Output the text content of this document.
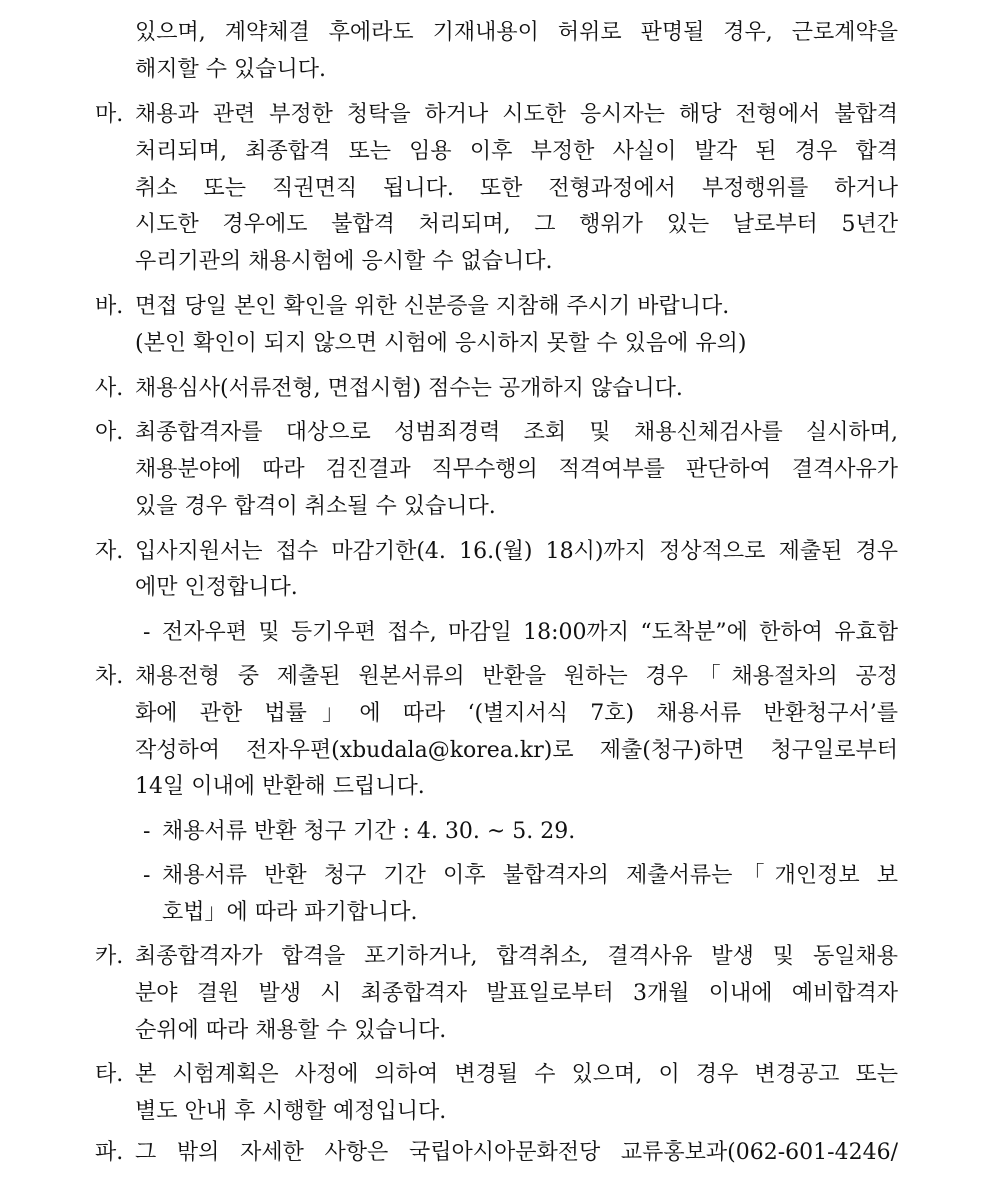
있으며, 계약체결 후에라도 기재내용이 허위로 판명될 경우, 근로계약을
해지할 수 있습니다.
마. 채용과 관련 부정한 청탁을 하거나 시도한 응시자는 해당 전형에서 불합격
처리되며, 최종합격 또는 임용 이후 부정한 사실이 발각 된 경우 합격
취소 또는 직권면직 됩니다. 또한 전형과정에서 부정행위를 하거나
시도한 경우에도 불합격 처리되며, 그 행위가 있는 날로부터 5년간
우리기관의 채용시험에 응시할 수 없습니다.
바. 면접 당일 본인 확인을 위한 신분증을 지참해 주시기 바랍니다.
(본인 확인이 되지 않으면 시험에 응시하지 못할 수 있음에 유의)
사. 채용심사(서류전형, 면접시험) 점수는 공개하지 않습니다.
아. 최종합격자를 대상으로 성범죄경력 조회 및 채용신체검사를 실시하며,
채용분야에 따라 검진결과 직무수행의 적격여부를 판단하여 결격사유가
있을 경우 합격이 취소될 수 있습니다.
자. 입사지원서는 접수 마감기한(4. 16.(월) 18시)까지 정상적으로 제출된 경우
에만 인정합니다.
- 전자우편 및 등기우편 접수, 마감일 18:00까지 “도착분”에 한하여 유효함
차. 채용전형 중 제출된 원본서류의 반환을 원하는 경우「채용절차의 공정
화에 관한 법률」에 따라 ‘(별지서식 7호) 채용서류 반환청구서’를
작성하여 전자우편(xbudala@korea.kr)로 제출(청구)하면 청구일로부터
14일 이내에 반환해 드립니다.
- 채용서류 반환 청구 기간 : 4. 30. ~ 5. 29.
- 채용서류 반환 청구 기간 이후 불합격자의 제출서류는「개인정보 보
호법」에 따라 파기합니다.
카. 최종합격자가 합격을 포기하거나, 합격취소, 결격사유 발생 및 동일채용
분야 결원 발생 시 최종합격자 발표일로부터 3개월 이내에 예비합격자
순위에 따라 채용할 수 있습니다.
타. 본 시험계획은 사정에 의하여 변경될 수 있으며, 이 경우 변경공고 또는
별도 안내 후 시행할 예정입니다.
파. 그 밖의 자세한 사항은 국립아시아문화전당 교류홍보과(062-601-4246/
